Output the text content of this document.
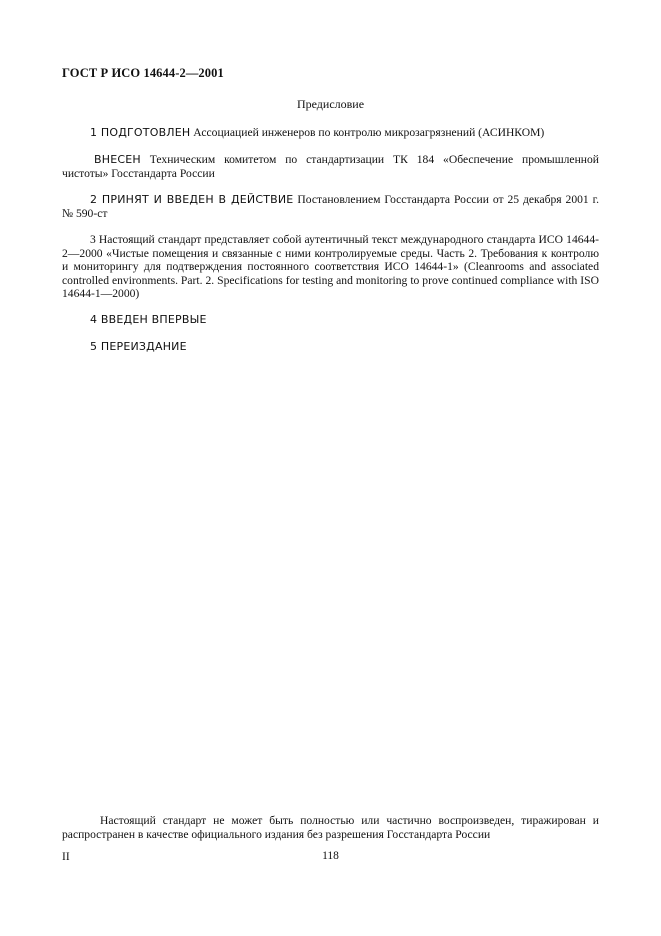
ГОСТ Р ИСО 14644-2—2001
Предисловие

1 ПОДГОТОВЛЕН Ассоциацией инженеров по контролю микрозагрязнений (АСИНКОМ)

ВНЕСЕН Техническим комитетом по стандартизации ТК 184 «Обеспечение промышленной чистоты» Госстандарта России

2 ПРИНЯТ И ВВЕДЕН В ДЕЙСТВИЕ Постановлением Госстандарта России от 25 декабря 2001 г. № 590-ст

3 Настоящий стандарт представляет собой аутентичный текст международного стандарта ИСО 14644-2—2000 «Чистые помещения и связанные с ними контролируемые среды. Часть 2. Требования к контролю и мониторингу для подтверждения постоянного соответствия ИСО 14644-1» (Cleanrooms and associated controlled environments. Part. 2. Specifications for testing and monitoring to prove continued compliance with ISO 14644-1—2000)

4 ВВЕДЕН ВПЕРВЫЕ

5 ПЕРЕИЗДАНИЕ

Настоящий стандарт не может быть полностью или частично воспроизведен, тиражирован и распространен в качестве официального издания без разрешения Госстандарта России

II	118
